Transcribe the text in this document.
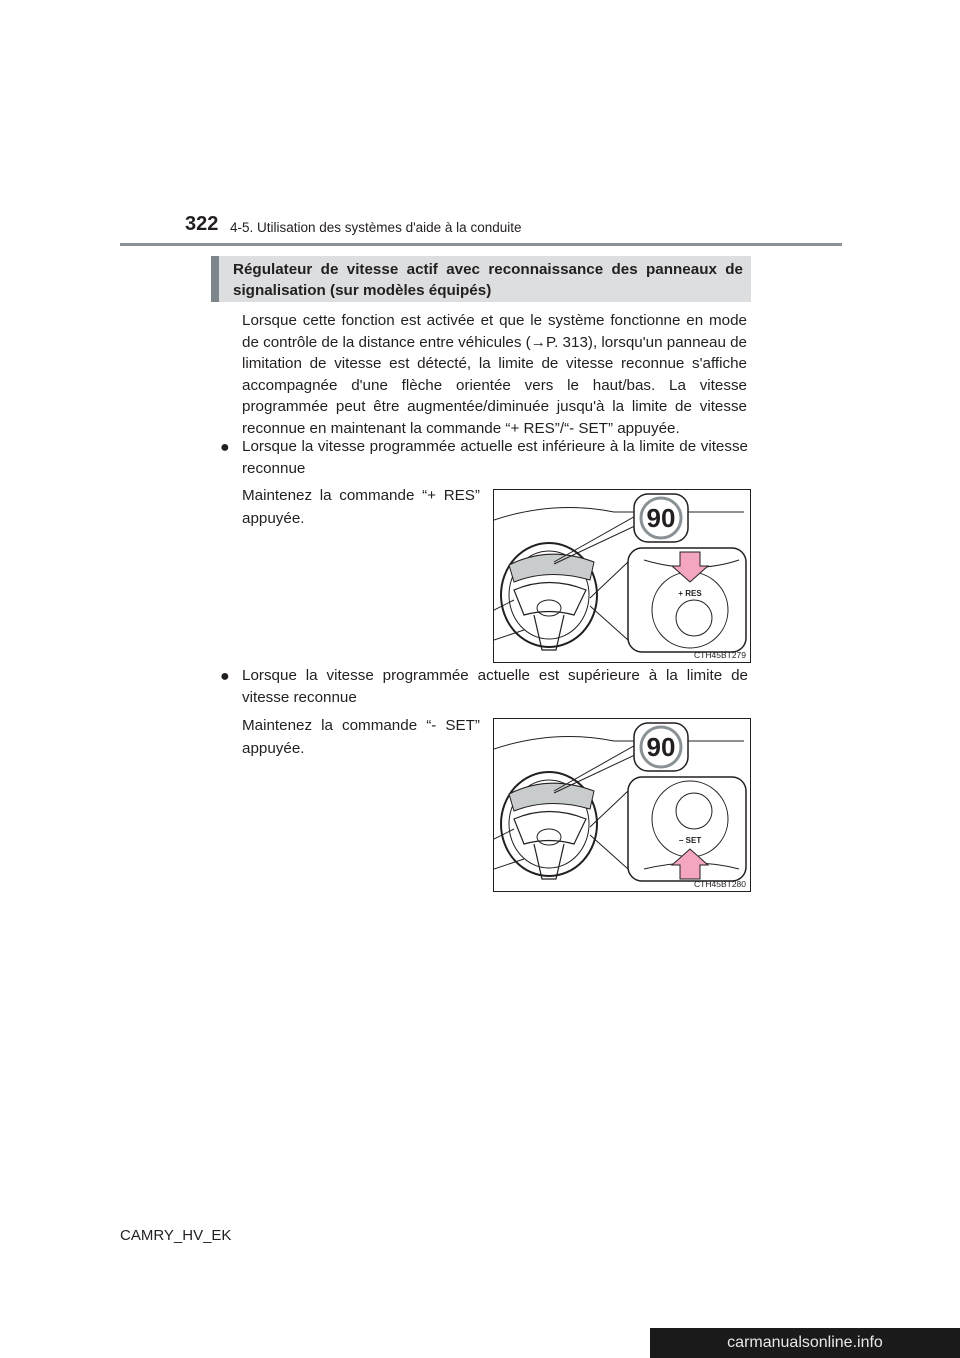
322 4-5. Utilisation des systèmes d'aide à la conduite
Régulateur de vitesse actif avec reconnaissance des panneaux de signalisation (sur modèles équipés)
Lorsque cette fonction est activée et que le système fonctionne en mode de contrôle de la distance entre véhicules (→P. 313), lorsqu'un panneau de limitation de vitesse est détecté, la limite de vitesse reconnue s'affiche accompagnée d'une flèche orientée vers le haut/bas. La vitesse programmée peut être augmentée/diminuée jusqu'à la limite de vitesse reconnue en maintenant la commande “+ RES”/“- SET” appuyée.
● Lorsque la vitesse programmée actuelle est inférieure à la limite de vitesse reconnue
Maintenez la commande “+ RES” appuyée.	90
+ RES
CTH45BT279
● Lorsque la vitesse programmée actuelle est supérieure à la limite de vitesse reconnue
Maintenez la commande “- SET” appuyée.	90
− SET
CTH45BT280
CAMRY_HV_EK
carmanualsonline.info
